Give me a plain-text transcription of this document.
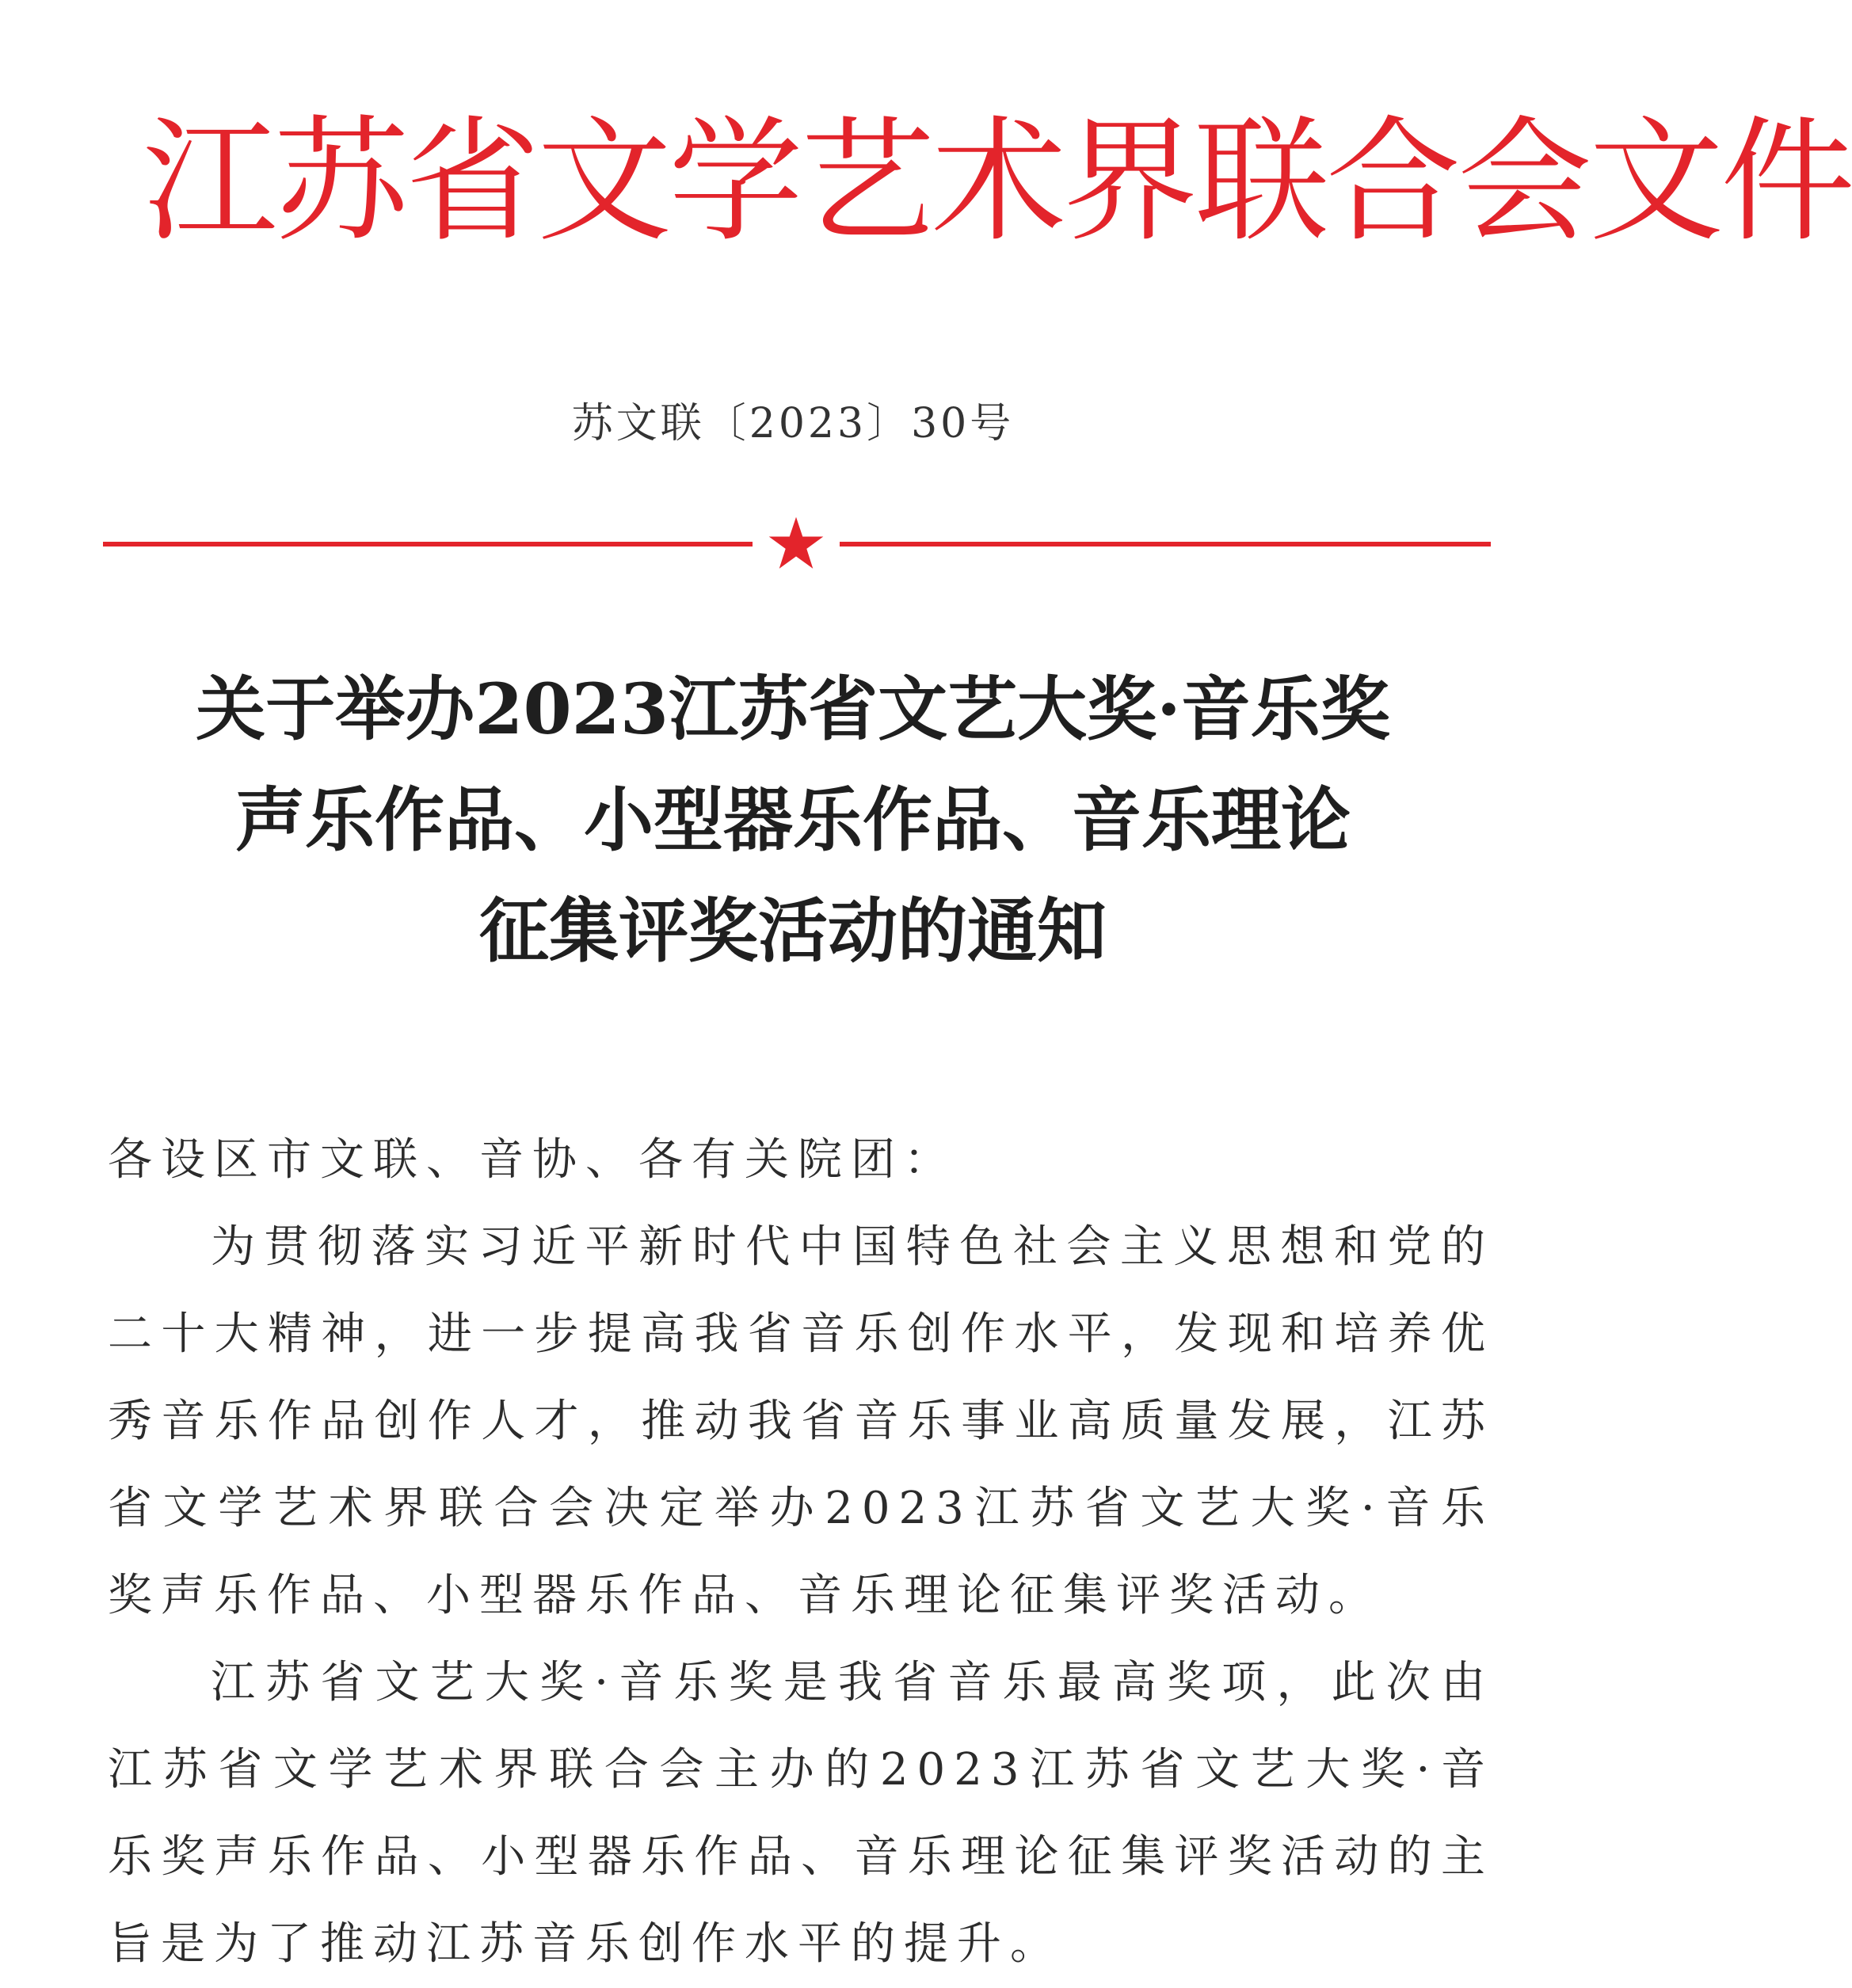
江苏省文学艺术界联合会文件
苏文联〔2023〕30号
关于举办2023江苏省文艺大奖·音乐奖
声乐作品、小型器乐作品、音乐理论
征集评奖活动的通知

各设区市文联、音协、各有关院团：

为贯彻落实习近平新时代中国特色社会主义思想和党的二十大精神，进一步提高我省音乐创作水平，发现和培养优秀音乐作品创作人才，推动我省音乐事业高质量发展，江苏省文学艺术界联合会决定举办2023江苏省文艺大奖·音乐奖声乐作品、小型器乐作品、音乐理论征集评奖活动。

江苏省文艺大奖·音乐奖是我省音乐最高奖项，此次由江苏省文学艺术界联合会主办的2023江苏省文艺大奖·音乐奖声乐作品、小型器乐作品、音乐理论征集评奖活动的主旨是为了推动江苏音乐创作水平的提升。
